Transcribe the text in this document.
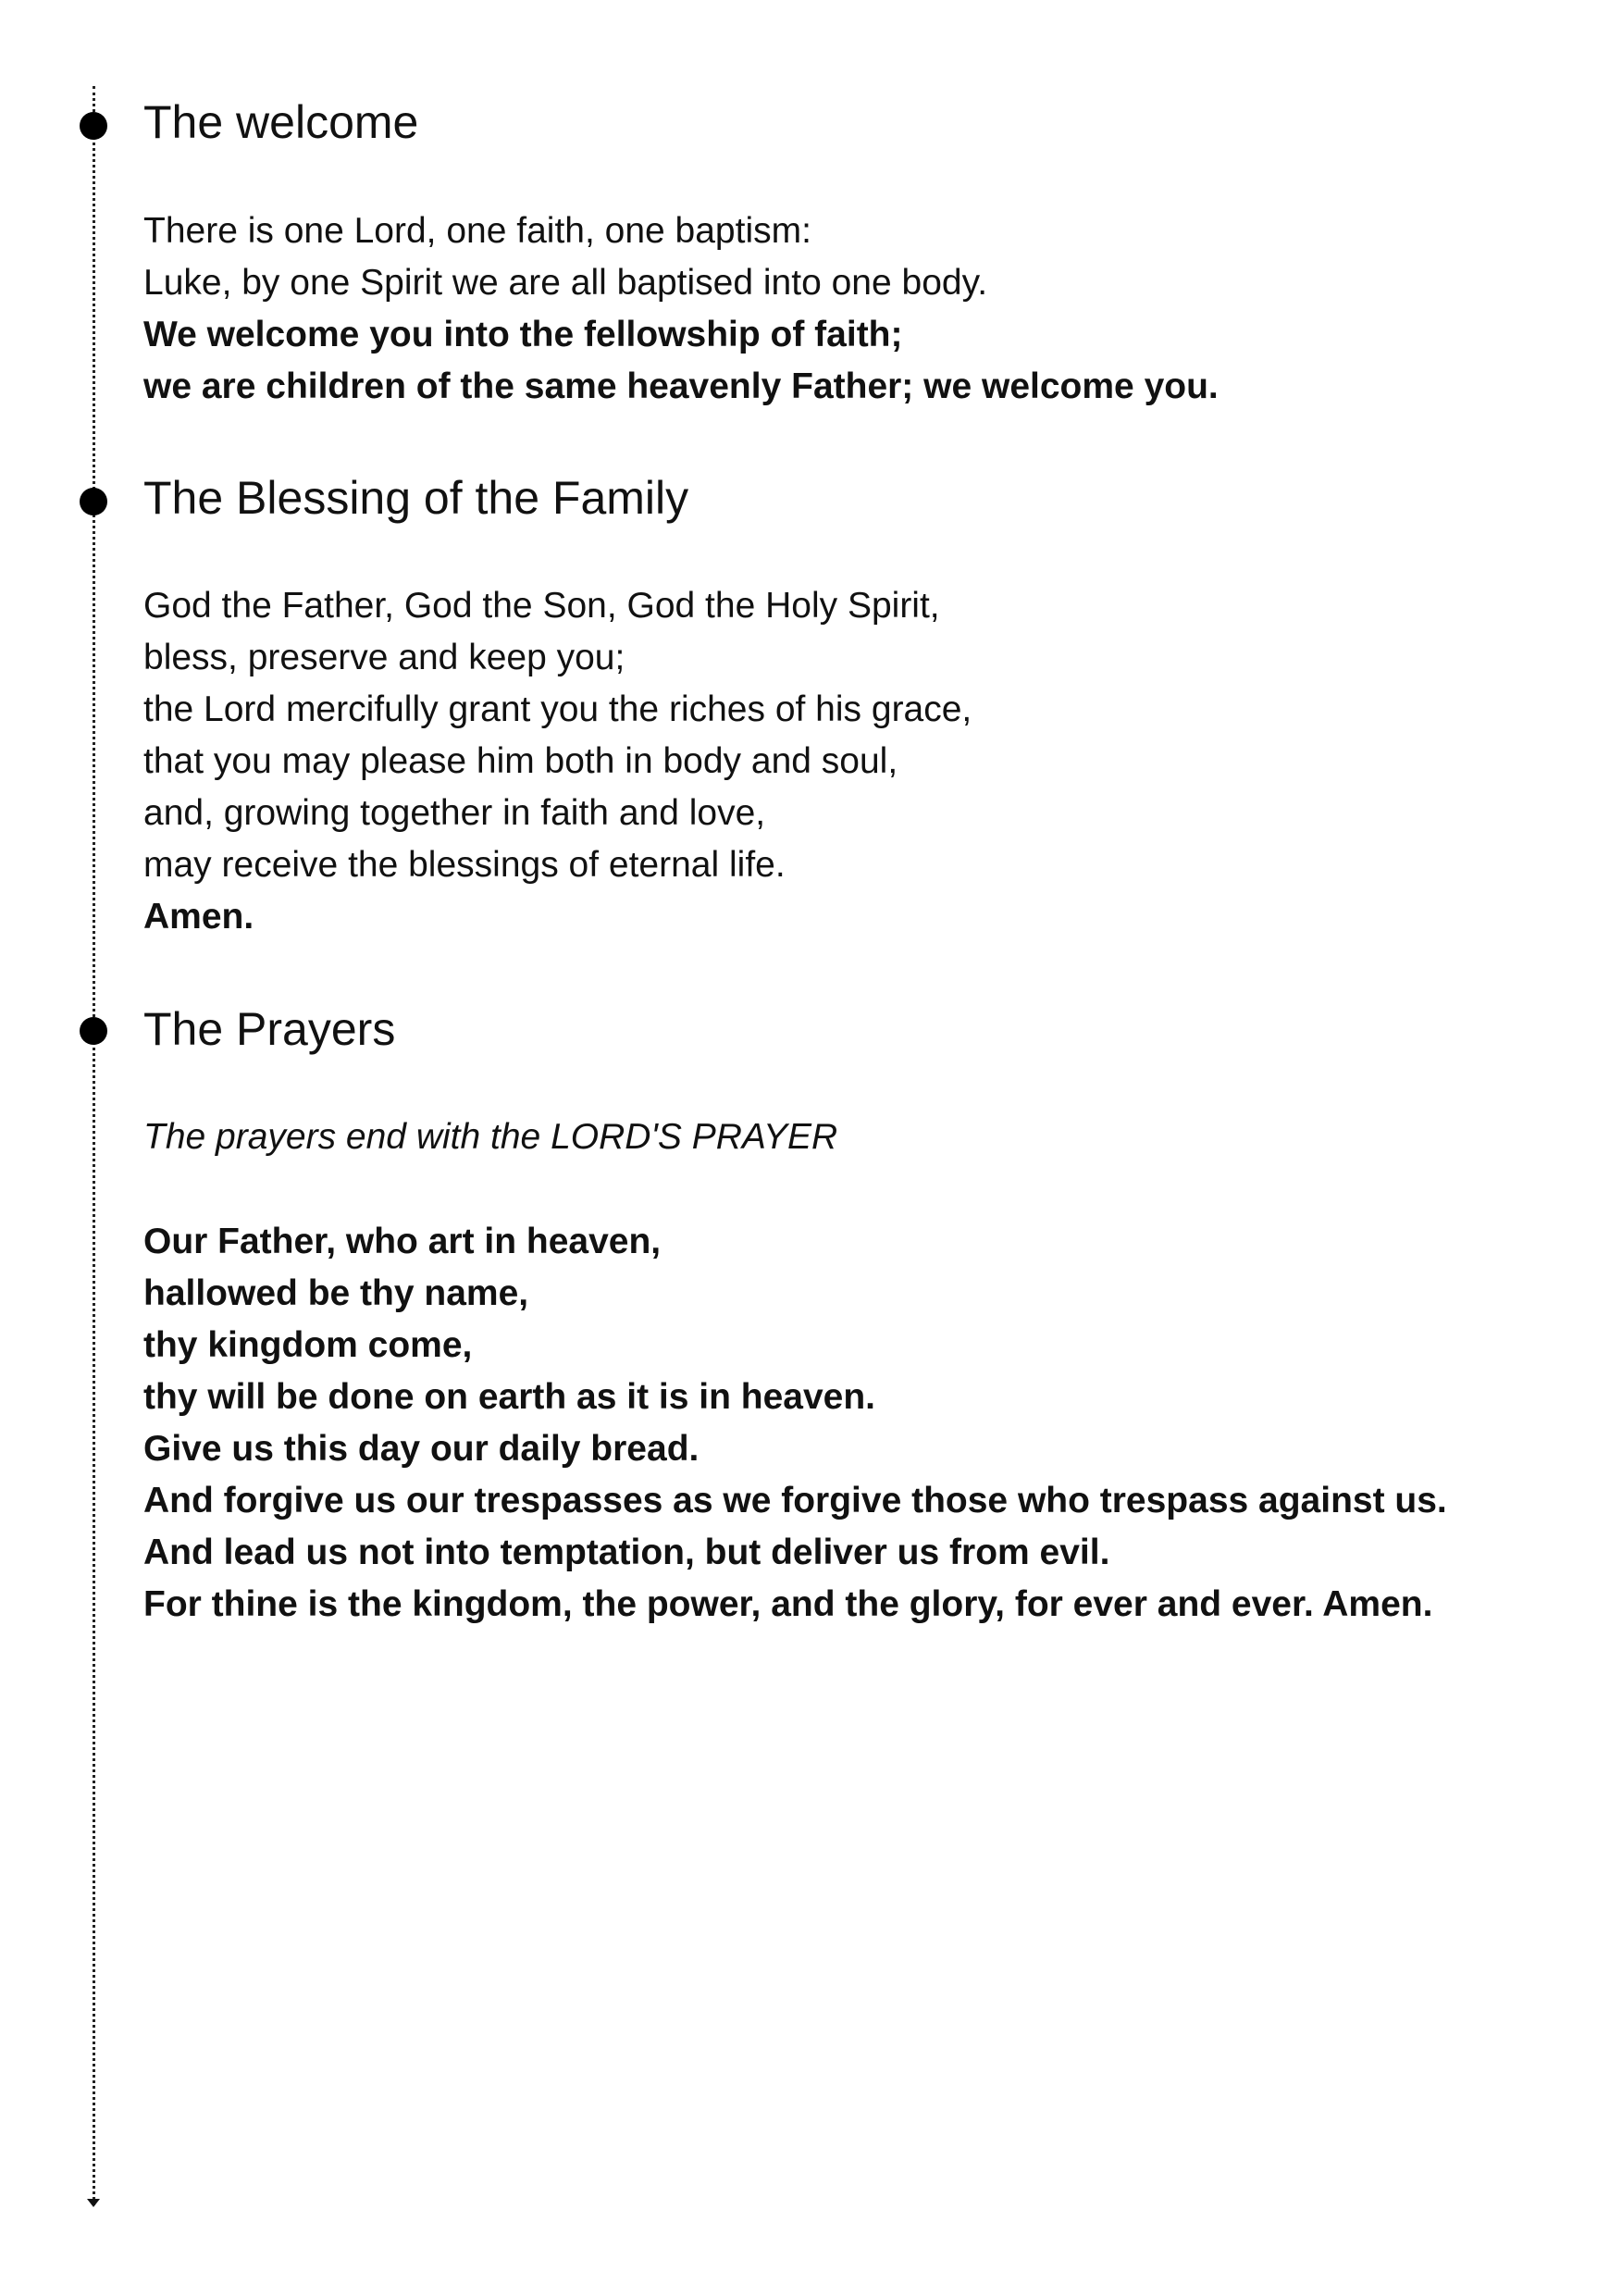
The welcome
There is one Lord, one faith, one baptism:
Luke, by one Spirit we are all baptised into one body.
We welcome you into the fellowship of faith;
we are children of the same heavenly Father; we welcome you.
The Blessing of the Family
God the Father, God the Son, God the Holy Spirit,
bless, preserve and keep you;
the Lord mercifully grant you the riches of his grace,
that you may please him both in body and soul,
and, growing together in faith and love,
may receive the blessings of eternal life.
Amen.
The Prayers
The prayers end with the LORD'S PRAYER
Our Father, who art in heaven,
hallowed be thy name,
thy kingdom come,
thy will be done on earth as it is in heaven.
Give us this day our daily bread.
And forgive us our trespasses as we forgive those who trespass against us.
And lead us not into temptation, but deliver us from evil.
For thine is the kingdom, the power, and the glory, for ever and ever. Amen.
